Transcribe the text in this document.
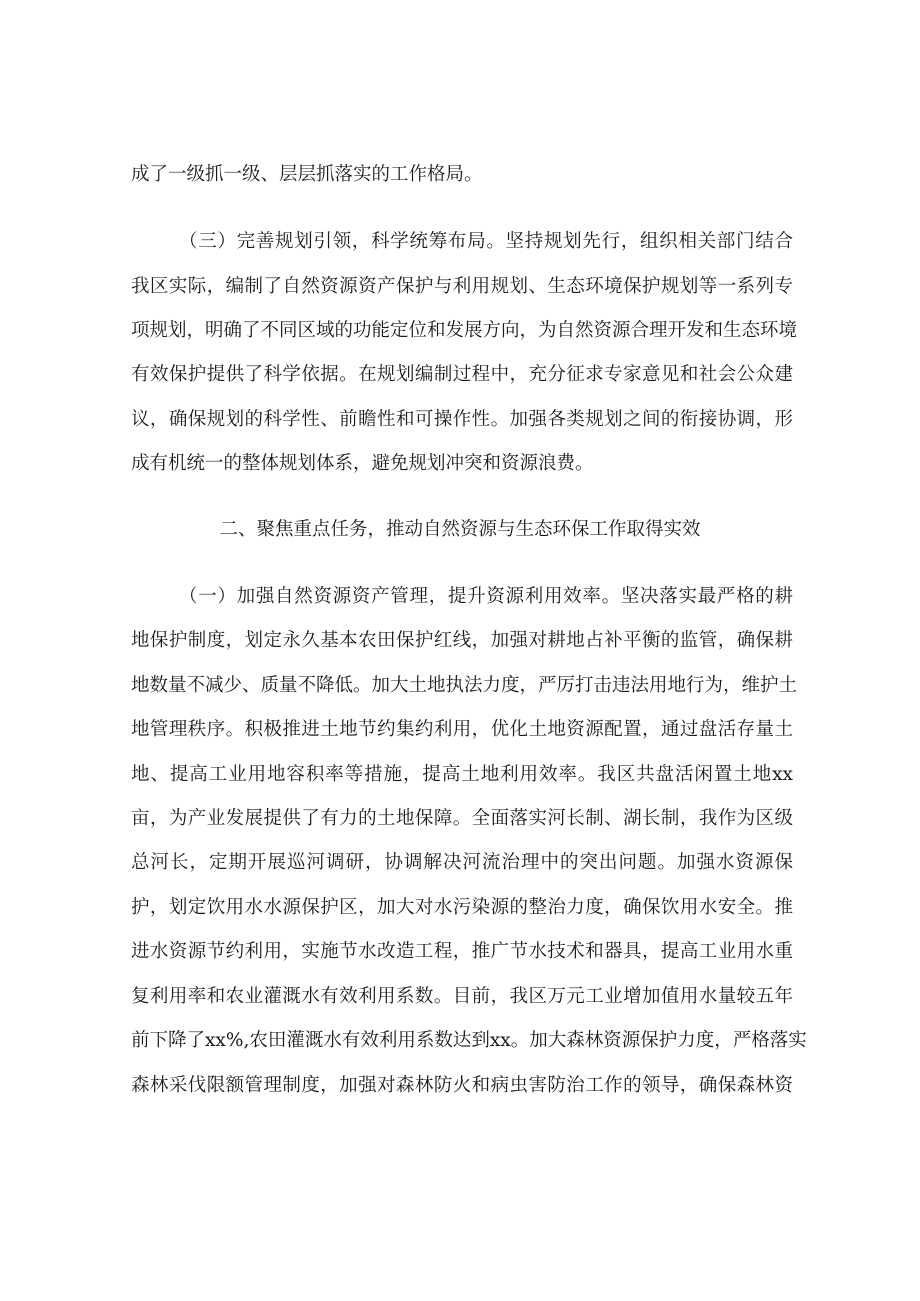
成了一级抓一级、层层抓落实的工作格局。
（三）完善规划引领，科学统筹布局。坚持规划先行，组织相关部门结合
我区实际，编制了自然资源资产保护与利用规划、生态环境保护规划等一系列专
项规划，明确了不同区域的功能定位和发展方向，为自然资源合理开发和生态环境
有效保护提供了科学依据。在规划编制过程中，充分征求专家意见和社会公众建
议，确保规划的科学性、前瞻性和可操作性。加强各类规划之间的衔接协调，形
成有机统一的整体规划体系，避免规划冲突和资源浪费。
二、聚焦重点任务，推动自然资源与生态环保工作取得实效
（一）加强自然资源资产管理，提升资源利用效率。坚决落实最严格的耕
地保护制度，划定永久基本农田保护红线，加强对耕地占补平衡的监管，确保耕
地数量不减少、质量不降低。加大土地执法力度，严厉打击违法用地行为，维护土
地管理秩序。积极推进土地节约集约利用，优化土地资源配置，通过盘活存量土
地、提高工业用地容积率等措施，提高土地利用效率。我区共盘活闲置土地xx
亩，为产业发展提供了有力的土地保障。全面落实河长制、湖长制，我作为区级
总河长，定期开展巡河调研，协调解决河流治理中的突出问题。加强水资源保
护，划定饮用水水源保护区，加大对水污染源的整治力度，确保饮用水安全。推
进水资源节约利用，实施节水改造工程，推广节水技术和器具，提高工业用水重
复利用率和农业灌溉水有效利用系数。目前，我区万元工业增加值用水量较五年
前下降了xx%,农田灌溉水有效利用系数达到xx。加大森林资源保护力度，严格落实
森林采伐限额管理制度，加强对森林防火和病虫害防治工作的领导，确保森林资
